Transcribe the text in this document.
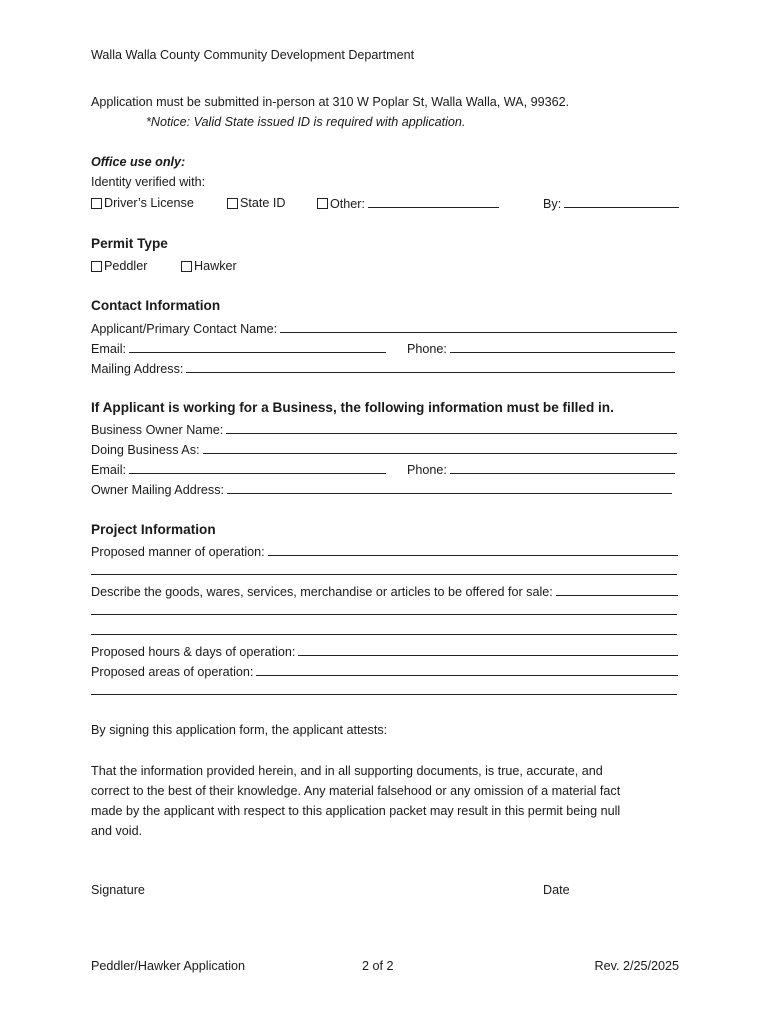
Walla Walla County Community Development Department
Application must be submitted in-person at 310 W Poplar St, Walla Walla, WA, 99362.
*Notice: Valid State issued ID is required with application.
Office use only:
Identity verified with:
Driver’s License	State ID	Other:	By:
Permit Type
Peddler	Hawker
Contact Information
Applicant/Primary Contact Name:
Email:	Phone:
Mailing Address:
If Applicant is working for a Business, the following information must be filled in.
Business Owner Name:
Doing Business As:
Email:	Phone:
Owner Mailing Address:
Project Information
Proposed manner of operation:
Describe the goods, wares, services, merchandise or articles to be offered for sale:
Proposed hours & days of operation:
Proposed areas of operation:
By signing this application form, the applicant attests:
That the information provided herein, and in all supporting documents, is true, accurate, and
correct to the best of their knowledge. Any material falsehood or any omission of a material fact
made by the applicant with respect to this application packet may result in this permit being null
and void.
Signature	Date
Peddler/Hawker Application	2 of 2	Rev. 2/25/2025
